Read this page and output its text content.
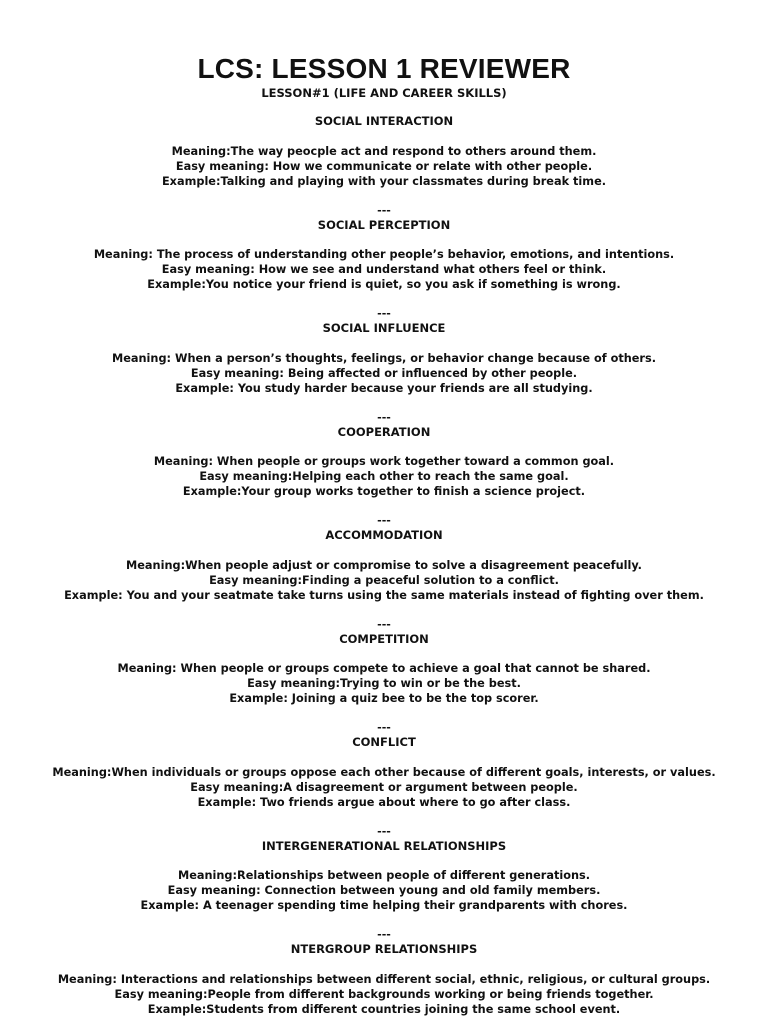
LCS: LESSON 1 REVIEWER
LESSON#1 (LIFE AND CAREER SKILLS)
SOCIAL INTERACTION
Meaning:The way peocple act and respond to others around them.
Easy meaning: How we communicate or relate with other people.
Example:Talking and playing with your classmates during break time.
---
SOCIAL PERCEPTION
Meaning: The process of understanding other people’s behavior, emotions, and intentions.
Easy meaning: How we see and understand what others feel or think.
Example:You notice your friend is quiet, so you ask if something is wrong.
---
SOCIAL INFLUENCE
Meaning: When a person’s thoughts, feelings, or behavior change because of others.
Easy meaning: Being affected or influenced by other people.
Example: You study harder because your friends are all studying.
---
COOPERATION
Meaning: When people or groups work together toward a common goal.
Easy meaning:Helping each other to reach the same goal.
Example:Your group works together to finish a science project.
---
ACCOMMODATION
Meaning:When people adjust or compromise to solve a disagreement peacefully.
Easy meaning:Finding a peaceful solution to a conflict.
Example: You and your seatmate take turns using the same materials instead of fighting over them.
---
COMPETITION
Meaning: When people or groups compete to achieve a goal that cannot be shared.
Easy meaning:Trying to win or be the best.
Example: Joining a quiz bee to be the top scorer.
---
CONFLICT
Meaning:When individuals or groups oppose each other because of different goals, interests, or values.
Easy meaning:A disagreement or argument between people.
Example: Two friends argue about where to go after class.
---
INTERGENERATIONAL RELATIONSHIPS
Meaning:Relationships between people of different generations.
Easy meaning: Connection between young and old family members.
Example: A teenager spending time helping their grandparents with chores.
---
NTERGROUP RELATIONSHIPS
Meaning: Interactions and relationships between different social, ethnic, religious, or cultural groups.
Easy meaning:People from different backgrounds working or being friends together.
Example:Students from different countries joining the same school event.
